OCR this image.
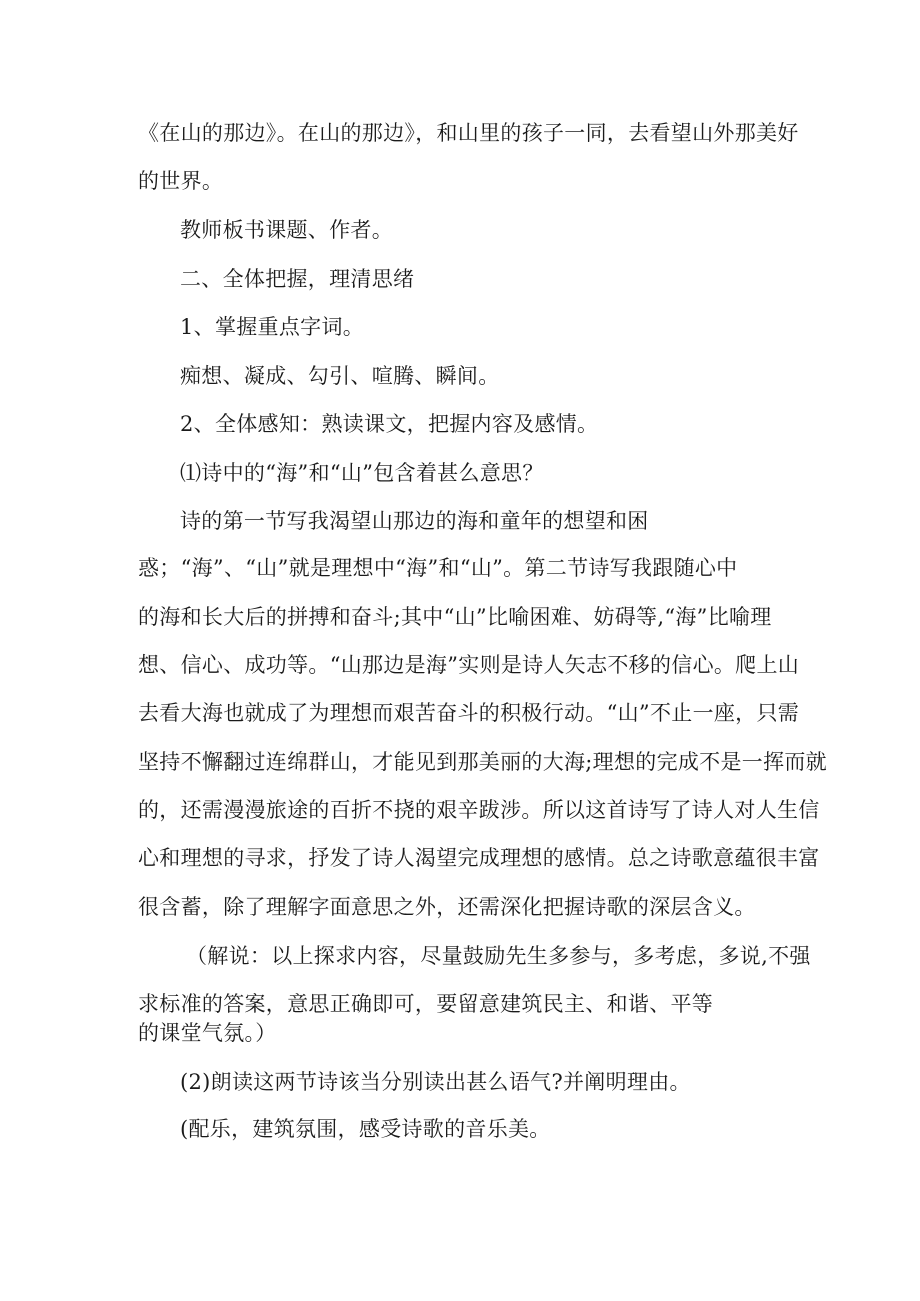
《在山的那边》。在山的那边》，和山里的孩子一同，去看望山外那美好
的世界。
教师板书课题、作者。
二、全体把握，理清思绪
1、掌握重点字词。
痴想、凝成、勾引、喧腾、瞬间。
2、全体感知：熟读课文，把握内容及感情。
⑴诗中的“海”和“山”包含着甚么意思？
诗的第一节写我渴望山那边的海和童年的想望和困
惑；“海”、“山”就是理想中“海”和“山”。第二节诗写我跟随心中
的海和长大后的拼搏和奋斗;其中“山”比喻困难、妨碍等,“海”比喻理
想、信心、成功等。“山那边是海”实则是诗人矢志不移的信心。爬上山
去看大海也就成了为理想而艰苦奋斗的积极行动。“山”不止一座，只需
坚持不懈翻过连绵群山，才能见到那美丽的大海;理想的完成不是一挥而就
的，还需漫漫旅途的百折不挠的艰辛跋涉。所以这首诗写了诗人对人生信
心和理想的寻求，抒发了诗人渴望完成理想的感情。总之诗歌意蕴很丰富
很含蓄，除了理解字面意思之外，还需深化把握诗歌的深层含义。
（解说：以上探求内容，尽量鼓励先生多参与，多考虑，多说,不强
求标准的答案，意思正确即可，要留意建筑民主、和谐、平等
的课堂气氛。）
(2)朗读这两节诗该当分别读出甚么语气?并阐明理由。
(配乐，建筑氛围，感受诗歌的音乐美。
